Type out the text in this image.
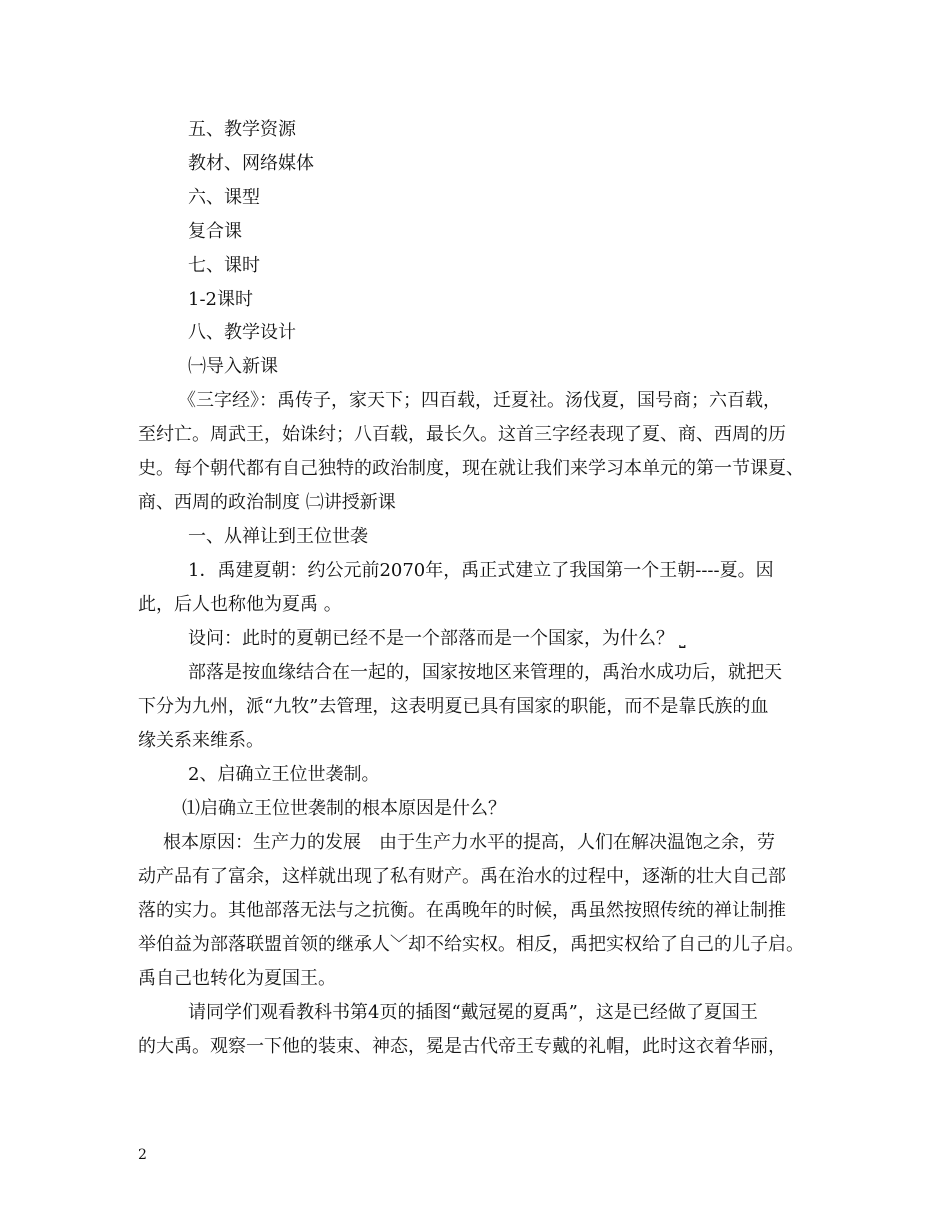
五、教学资源
教材、网络媒体
六、课型
复合课
七、课时
1-2课时
八、教学设计
㈠导入新课
《三字经》：禹传子，家天下；四百载，迁夏社。汤伐夏，国号商；六百载，
至纣亡。周武王，始诛纣；八百载，最长久。这首三字经表现了夏、商、西周的历
史。每个朝代都有自己独特的政治制度，现在就让我们来学习本单元的第一节课夏、
商、西周的政治制度 ㈡讲授新课
一、从禅让到王位世袭
1．禹建夏朝：约公元前2070年，禹正式建立了我国第一个王朝----夏。因
此，后人也称他为夏禹 。
设问：此时的夏朝已经不是一个部落而是一个国家，为什么？ ⎵
部落是按血缘结合在一起的，国家按地区来管理的，禹治水成功后，就把天
下分为九州，派“九牧”去管理，这表明夏已具有国家的职能，而不是靠氏族的血
缘关系来维系。
2、启确立王位世袭制。
⑴启确立王位世袭制的根本原因是什么？
根本原因：生产力的发展　由于生产力水平的提高，人们在解决温饱之余，劳
动产品有了富余，这样就出现了私有财产。禹在治水的过程中，逐渐的壮大自己部
落的实力。其他部落无法与之抗衡。在禹晚年的时候，禹虽然按照传统的禅让制推
举伯益为部落联盟首领的继承人﹀却不给实权。相反，禹把实权给了自己的儿子启。
禹自己也转化为夏国王。
请同学们观看教科书第4页的插图“戴冠冕的夏禹”，这是已经做了夏国王
的大禹。观察一下他的装束、神态，冕是古代帝王专戴的礼帽，此时这衣着华丽，
2
